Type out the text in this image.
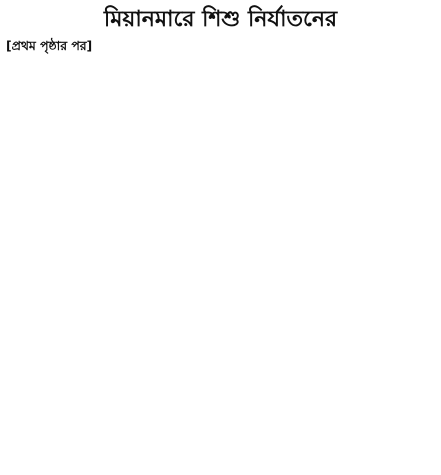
মিয়ানমারে শিশু নির্যাতনের
[প্রথম পৃষ্ঠার পর]
